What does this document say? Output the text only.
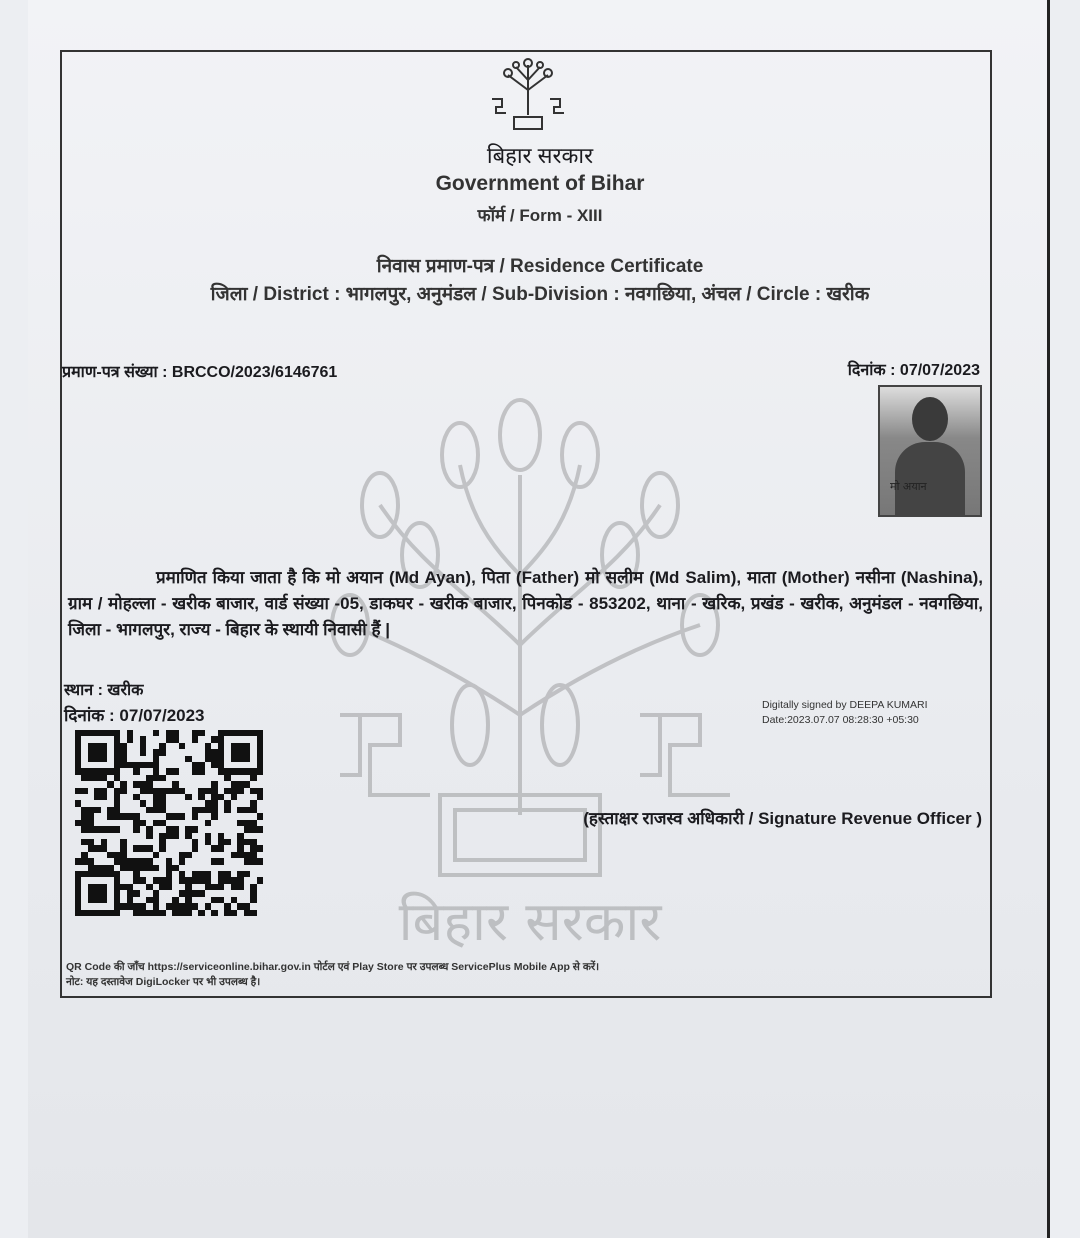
बिहार सरकार
बिहार सरकार
Government of Bihar
फॉर्म / Form - XIII
निवास प्रमाण-पत्र / Residence Certificate
जिला / District : भागलपुर, अनुमंडल / Sub-Division : नवगछिया, अंचल / Circle : खरीक
प्रमाण-पत्र संख्या : BRCCO/2023/6146761	दिनांक : 07/07/2023
मो अयान
प्रमाणित किया जाता है कि मो अयान (Md Ayan), पिता (Father) मो सलीम (Md Salim), माता (Mother) नसीना (Nashina), ग्राम / मोहल्ला - खरीक बाजार, वार्ड संख्या -05, डाकघर - खरीक बाजार, पिनकोड - 853202, थाना - खरिक, प्रखंड - खरीक, अनुमंडल - नवगछिया, जिला - भागलपुर, राज्य - बिहार के स्थायी निवासी हैं |
स्थान : खरीक
दिनांक : 07/07/2023
Digitally signed by DEEPA KUMARI
Date:2023.07.07 08:28:30 +05:30
(हस्ताक्षर राजस्व अधिकारी / Signature Revenue Officer )
QR Code की जाँच https://serviceonline.bihar.gov.in पोर्टल एवं Play Store पर उपलब्ध ServicePlus Mobile App से करें।
नोट: यह दस्तावेज DigiLocker पर भी उपलब्ध है।
